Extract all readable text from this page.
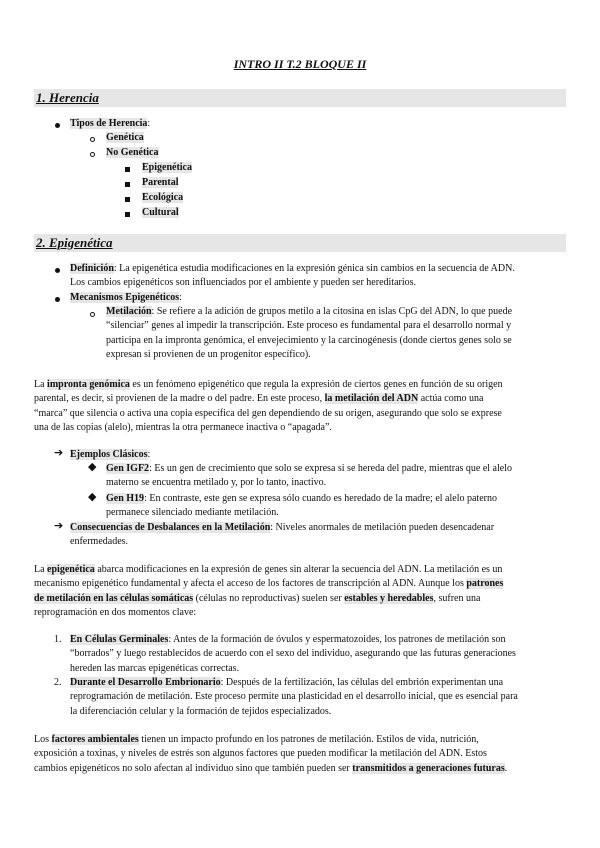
INTRO II T.2 BLOQUE II
1. Herencia
Tipos de Herencia:
Genética
No Genética
Epigenética
Parental
Ecológica
Cultural
2. Epigenética
Definición: La epigenética estudia modificaciones en la expresión génica sin cambios en la secuencia de ADN.
Los cambios epigenéticos son influenciados por el ambiente y pueden ser hereditarios.
Mecanismos Epigenéticos:
Metilación: Se refiere a la adición de grupos metilo a la citosina en islas CpG del ADN, lo que puede
“silenciar” genes al impedir la transcripción. Este proceso es fundamental para el desarrollo normal y
participa en la impronta genómica, el envejecimiento y la carcinogénesis (donde ciertos genes solo se
expresan si provienen de un progenitor específico).
La impronta genómica es un fenómeno epigenético que regula la expresión de ciertos genes en función de su origen
parental, es decir, si provienen de la madre o del padre. En este proceso, la metilación del ADN actúa como una
“marca” que silencia o activa una copia específica del gen dependiendo de su origen, asegurando que solo se exprese
una de las copias (alelo), mientras la otra permanece inactiva o “apagada”.
➔ Ejemplos Clásicos:
◆ Gen IGF2: Es un gen de crecimiento que solo se expresa si se hereda del padre, mientras que el alelo
materno se encuentra metilado y, por lo tanto, inactivo.
◆ Gen H19: En contraste, este gen se expresa sólo cuando es heredado de la madre; el alelo paterno
permanece silenciado mediante metilación.
➔ Consecuencias de Desbalances en la Metilación: Niveles anormales de metilación pueden desencadenar
enfermedades.
La epigenética abarca modificaciones en la expresión de genes sin alterar la secuencia del ADN. La metilación es un
mecanismo epigenético fundamental y afecta el acceso de los factores de transcripción al ADN. Aunque los patrones
de metilación en las células somáticas (células no reproductivas) suelen ser estables y heredables, sufren una
reprogramación en dos momentos clave:
1. En Células Germinales: Antes de la formación de óvulos y espermatozoides, los patrones de metilación son
“borrados” y luego restablecidos de acuerdo con el sexo del individuo, asegurando que las futuras generaciones
hereden las marcas epigenéticas correctas.
2. Durante el Desarrollo Embrionario: Después de la fertilización, las células del embrión experimentan una
reprogramación de metilación. Este proceso permite una plasticidad en el desarrollo inicial, que es esencial para
la diferenciación celular y la formación de tejidos especializados.
Los factores ambientales tienen un impacto profundo en los patrones de metilación. Estilos de vida, nutrición,
exposición a toxinas, y niveles de estrés son algunos factores que pueden modificar la metilación del ADN. Estos
cambios epigenéticos no solo afectan al individuo sino que también pueden ser transmitidos a generaciones futuras.
